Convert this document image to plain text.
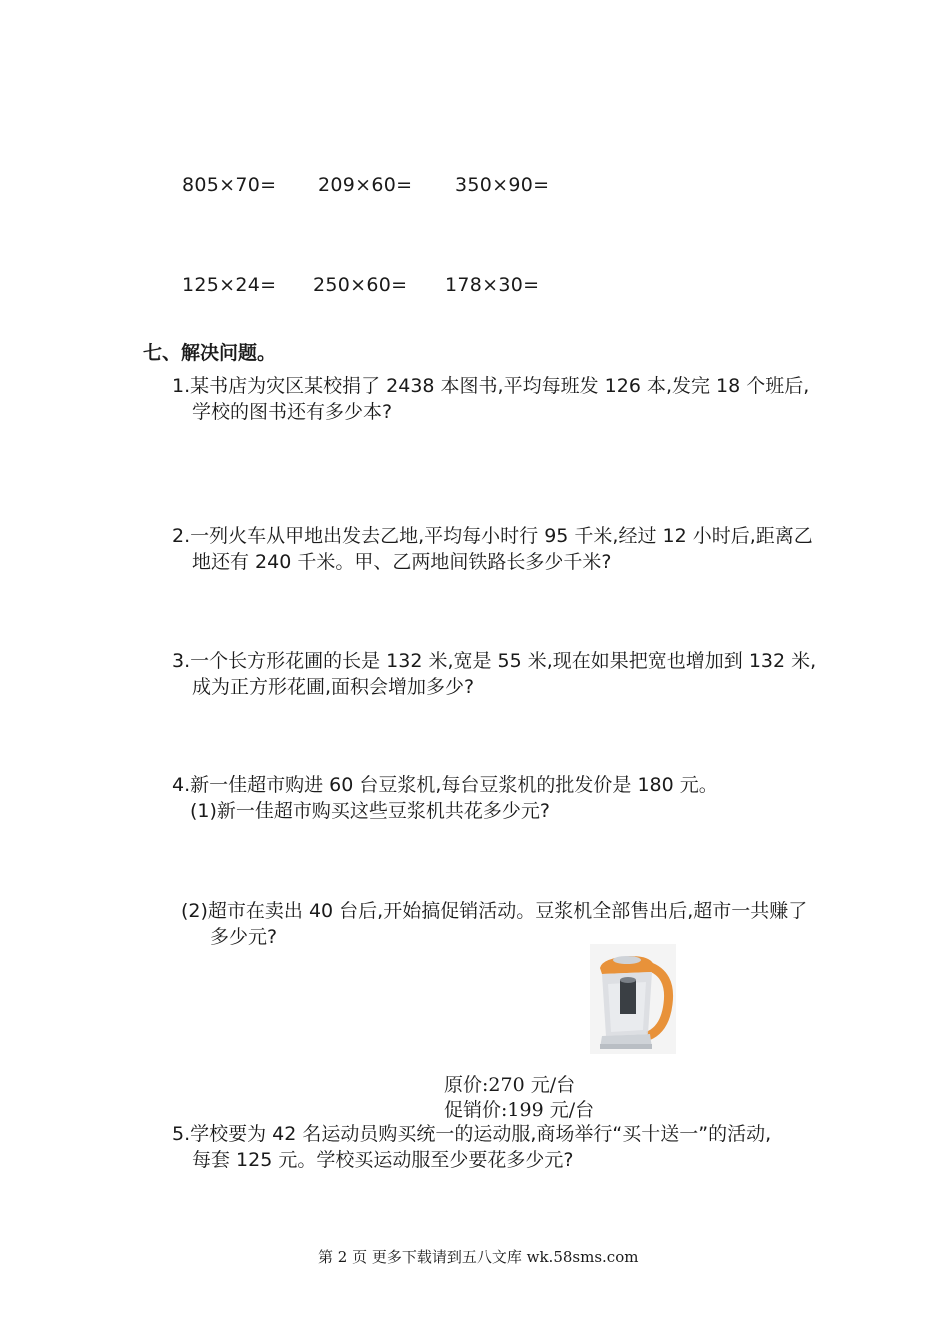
805×70= 209×60= 350×90=
125×24= 250×60= 178×30=
七、解决问题。
1.某书店为灾区某校捐了 2438 本图书,平均每班发 126 本,发完 18 个班后,
学校的图书还有多少本?
2.一列火车从甲地出发去乙地,平均每小时行 95 千米,经过 12 小时后,距离乙
地还有 240 千米。甲、乙两地间铁路长多少千米?
3.一个长方形花圃的长是 132 米,宽是 55 米,现在如果把宽也增加到 132 米,
成为正方形花圃,面积会增加多少?
4.新一佳超市购进 60 台豆浆机,每台豆浆机的批发价是 180 元。
(1)新一佳超市购买这些豆浆机共花多少元?
(2)超市在卖出 40 台后,开始搞促销活动。豆浆机全部售出后,超市一共赚了
多少元?
原价:270 元/台
促销价:199 元/台
5.学校要为 42 名运动员购买统一的运动服,商场举行“买十送一”的活动,
每套 125 元。学校买运动服至少要花多少元?
第 2 页 更多下载请到五八文库 wk.58sms.com
